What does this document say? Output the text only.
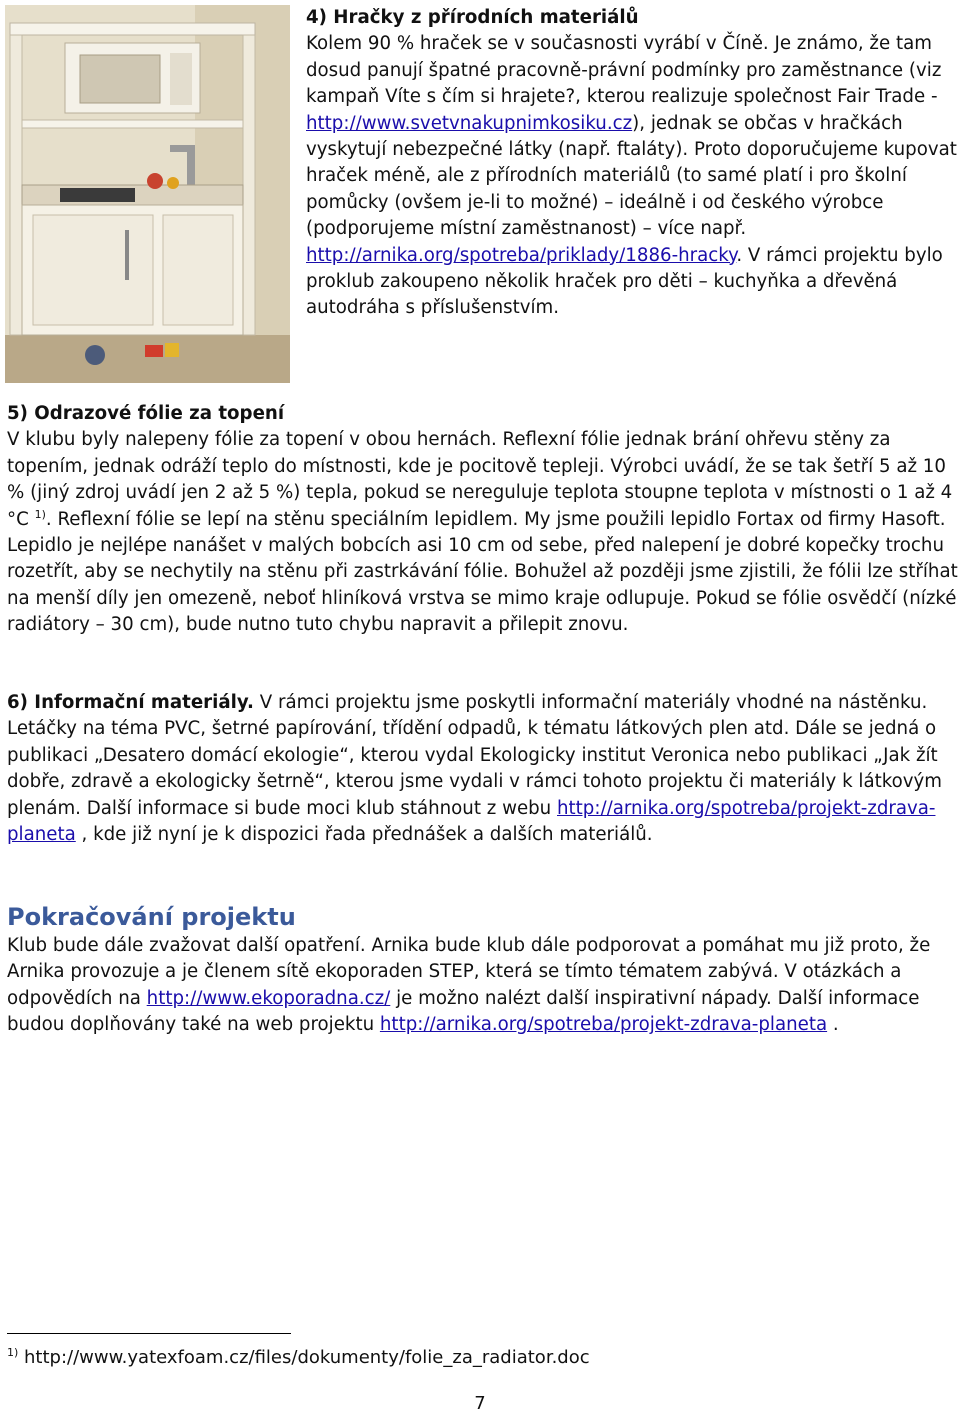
4) Hračky z přírodních materiálů

Kolem 90 % hraček se v současnosti vyrábí v Číně. Je známo, že tam dosud panují špatné pracovně-právní podmínky pro zaměstnance (viz kampaň Víte s čím si hrajete?, kterou realizuje společnost Fair Trade - http://www.svetvnakupnimkosiku.cz), jednak se občas v hračkách vyskytují nebezpečné látky (např. ftaláty). Proto doporučujeme kupovat hraček méně, ale z přírodních materiálů (to samé platí i pro školní pomůcky (ovšem je-li to možné) – ideálně i od českého výrobce (podporujeme místní zaměstnanost) – více např. http://arnika.org/spotreba/priklady/1886-hracky. V rámci projektu bylo proklub zakoupeno několik hraček pro děti – kuchyňka a dřevěná autodráha s příslušenstvím.

5) Odrazové fólie za topení

V klubu byly nalepeny fólie za topení v obou hernách. Reflexní fólie jednak brání ohřevu stěny za topením, jednak odráží teplo do místnosti, kde je pocitově tepleji. Výrobci uvádí, že se tak šetří 5 až 10 % (jiný zdroj uvádí jen 2 až 5 %) tepla, pokud se nereguluje teplota stoupne teplota v místnosti o 1 až 4 °C $^{1)}$. Reflexní fólie se lepí na stěnu speciálním lepidlem. My jsme použili lepidlo Fortax od firmy Hasoft. Lepidlo je nejlépe nanášet v malých bobcích asi 10 cm od sebe, před nalepení je dobré kopečky trochu rozetřít, aby se nechytily na stěnu při zastrkávání fólie. Bohužel až později jsme zjistili, že fólii lze stříhat na menší díly jen omezeně, neboť hliníková vrstva se mimo kraje odlupuje. Pokud se fólie osvědčí (nízké radiátory – 30 cm), bude nutno tuto chybu napravit a přilepit znovu.

6) Informační materiály. V rámci projektu jsme poskytli informační materiály vhodné na nástěnku. Letáčky na téma PVC, šetrné papírování, třídění odpadů, k tématu látkových plen atd. Dále se jedná o publikaci „Desatero domácí ekologie“, kterou vydal Ekologicky institut Veronica nebo publikaci „Jak žít dobře, zdravě a ekologicky šetrně“, kterou jsme vydali v rámci tohoto projektu či materiály k látkovým plenám. Další informace si bude moci klub stáhnout z webu http://arnika.org/spotreba/projekt-zdrava-planeta , kde již nyní je k dispozici řada přednášek a dalších materiálů.

Pokračování projektu

Klub bude dále zvažovat další opatření. Arnika bude klub dále podporovat a pomáhat mu již proto, že Arnika provozuje a je členem sítě ekoporaden STEP, která se tímto tématem zabývá. V otázkách a odpovědích na http://www.ekoporadna.cz/ je možno nalézt další inspirativní nápady. Další informace budou doplňovány také na web projektu http://arnika.org/spotreba/projekt-zdrava-planeta .

$^{1)}$ http://www.yatexfoam.cz/files/dokumenty/folie_za_radiator.doc
7
